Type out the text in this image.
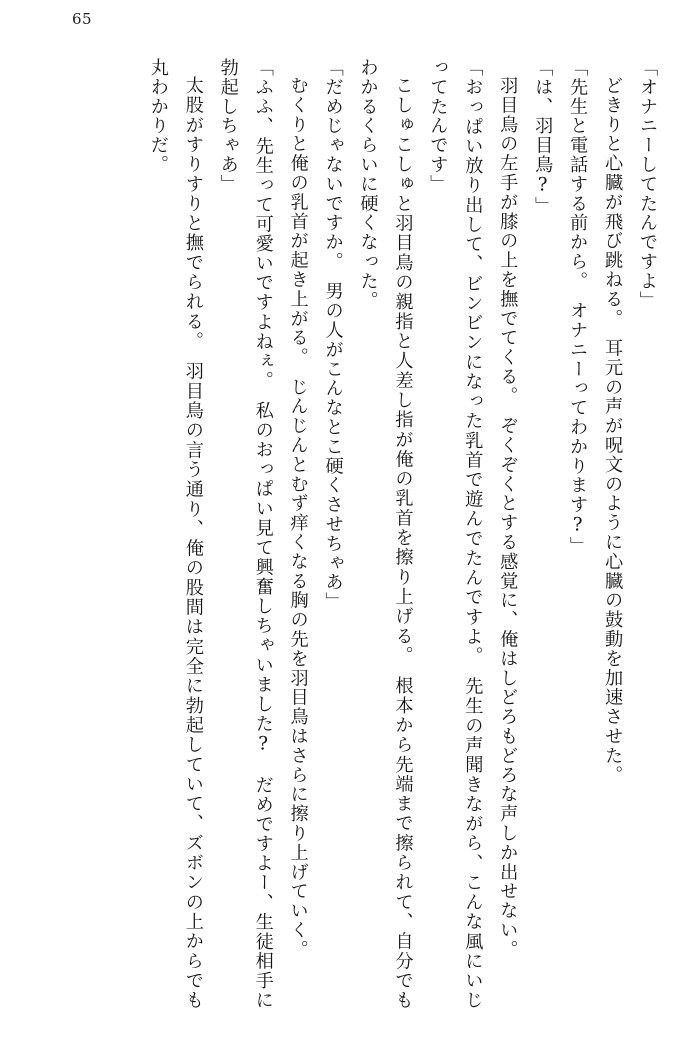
65

「オナニーしてたんですよ」

どきりと心臓が飛び跳ねる。　耳元の声が呪文のように心臓の鼓動を加速させた。

「先生と電話する前から。　オナニーってわかります?」

「は、羽目鳥?」

羽目鳥の左手が膝の上を撫でてくる。　ぞくぞくとする感覚に、俺はしどろもどろな声しか出せない。

「おっぱい放り出して、ビンビンになった乳首で遊んでたんですよ。　先生の声聞きながら、こんな風にいじってたんです」

こしゅこしゅと羽目鳥の親指と人差し指が俺の乳首を擦り上げる。　根本から先端まで擦られて、自分でもわかるくらいに硬くなった。

「だめじゃないですか。　男の人がこんなとこ硬くさせちゃあ」

むくりと俺の乳首が起き上がる。　じんじんとむず痒くなる胸の先を羽目鳥はさらに擦り上げていく。

「ふふ、先生って可愛いですよねぇ。　私のおっぱい見て興奮しちゃいました?　だめですよー、生徒相手に勃起しちゃあ」

太股がすりすりと撫でられる。　羽目鳥の言う通り、俺の股間は完全に勃起していて、ズボンの上からでも丸わかりだ。
